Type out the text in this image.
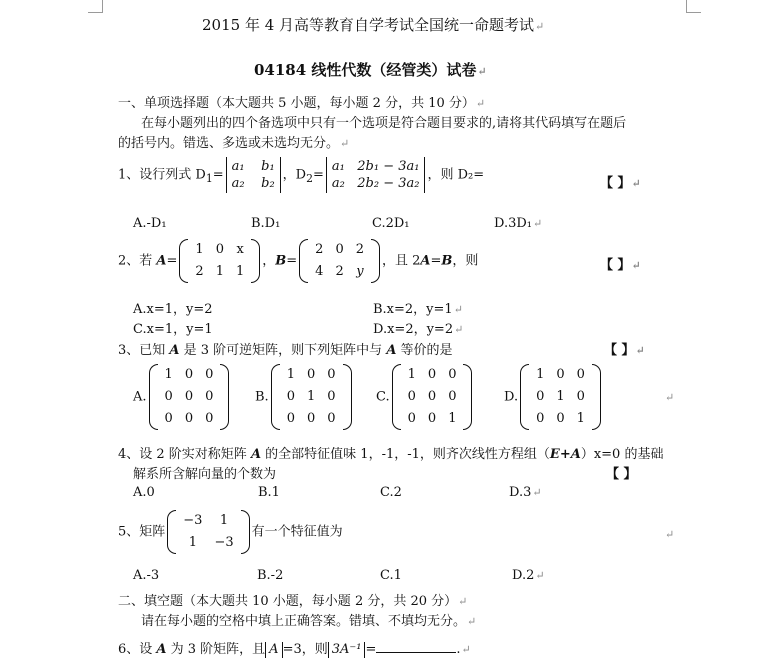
2015 年 4 月高等教育自学考试全国统一命题考试↵
04184 线性代数（经管类）试卷↵
一、单项选择题（本大题共 5 小题，每小题 2 分，共 10 分）↵
在每小题列出的四个备选项中只有一个选项是符合题目要求的,请将其代码填写在题后
的括号内。错选、多选或未选均无分。↵
1、设行列式 $D_1=$
a₁ b₁
a₂ b₂
，$D_2=$
a₁ 2b₁ − 3a₁
a₂ 2b₂ − 3a₂
，则 D₂=
【 】↵
A.-D₁	B.D₁	C.2D₁	D.3D₁↵
2、若 A=
1	0	x
2	1	1
，B=
2	0	2
4	2	y
，且 2A=B，则	【 】↵
A.x=1，y=2	B.x=2，y=1↵
C.x=1，y=1	D.x=2，y=2↵
3、已知 A 是 3 阶可逆矩阵，则下列矩阵中与 A 等价的是	【 】↵
A.
1	0	0
0	0	0
0	0	0
B.
1	0	0
0	1	0
0	0	0
C.
1	0	0
0	0	0
0	0	1
D.
1	0	0
0	1	0
0	0	1
↵
4、设 2 阶实对称矩阵 A 的全部特征值味 1，-1，-1，则齐次线性方程组（E+A）x=0 的基础
解系所含解向量的个数为	【 】
A.0	B.1	C.2	D.3↵
5、矩阵
−3	1
1	−3
有一个特征值为	↵
A.-3	B.-2	C.1	D.2↵
二、填空题（本大题共 10 小题，每小题 2 分，共 20 分）↵
请在每小题的空格中填上正确答案。错填、不填均无分。↵
6、设 A 为 3 阶矩阵，且 A =3，则 3A⁻¹ =	.↵
